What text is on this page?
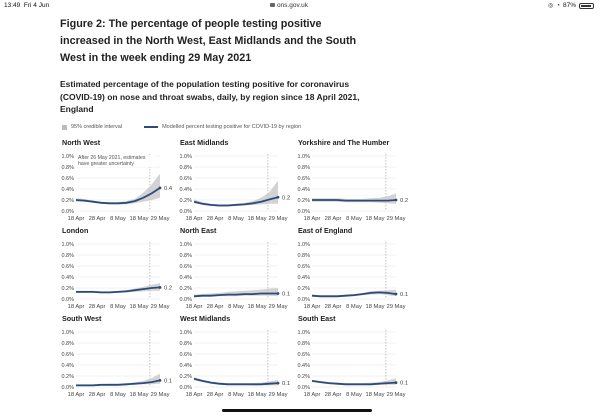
13:49 Fri 4 Jun	ons.gov.uk	◎ ◔ 87%
Figure 2: The percentage of people testing positive increased in the North West, East Midlands and the South West in the week ending 29 May 2021
Estimated percentage of the population testing positive for coronavirus (COVID-19) on nose and throat swabs, daily, by region since 18 April 2021, England
95% credible interval	Modelled percent testing positive for COVID-19 by region
North West
0.0%
0.2%
0.4%
0.6%
0.8%
1.0%
18 Apr 28 Apr 8 May 18 May 29 May
0.4
After 26 May 2021, estimates have greater uncertainty
East Midlands
0.0%
0.2%
0.4%
0.6%
0.8%
1.0%
18 Apr 28 Apr 8 May 18 May 29 May
0.2
Yorkshire and The Humber
0.0%
0.2%
0.4%
0.6%
0.8%
1.0%
18 Apr 28 Apr 8 May 18 May 29 May
0.2
London
0.0%
0.2%
0.4%
0.6%
0.8%
1.0%
18 Apr 28 Apr 8 May 18 May 29 May
0.2
North East
0.0%
0.2%
0.4%
0.6%
0.8%
1.0%
18 Apr 28 Apr 8 May 18 May 29 May
0.1
East of England
0.0%
0.2%
0.4%
0.6%
0.8%
1.0%
18 Apr 28 Apr 8 May 18 May 29 May
0.1
South West
0.0%
0.2%
0.4%
0.6%
0.8%
1.0%
18 Apr 28 Apr 8 May 18 May 29 May
0.1
West Midlands
0.0%
0.2%
0.4%
0.6%
0.8%
1.0%
18 Apr 28 Apr 8 May 18 May 29 May
0.1
South East
0.0%
0.2%
0.4%
0.6%
0.8%
1.0%
18 Apr 28 Apr 8 May 18 May 29 May
0.1
